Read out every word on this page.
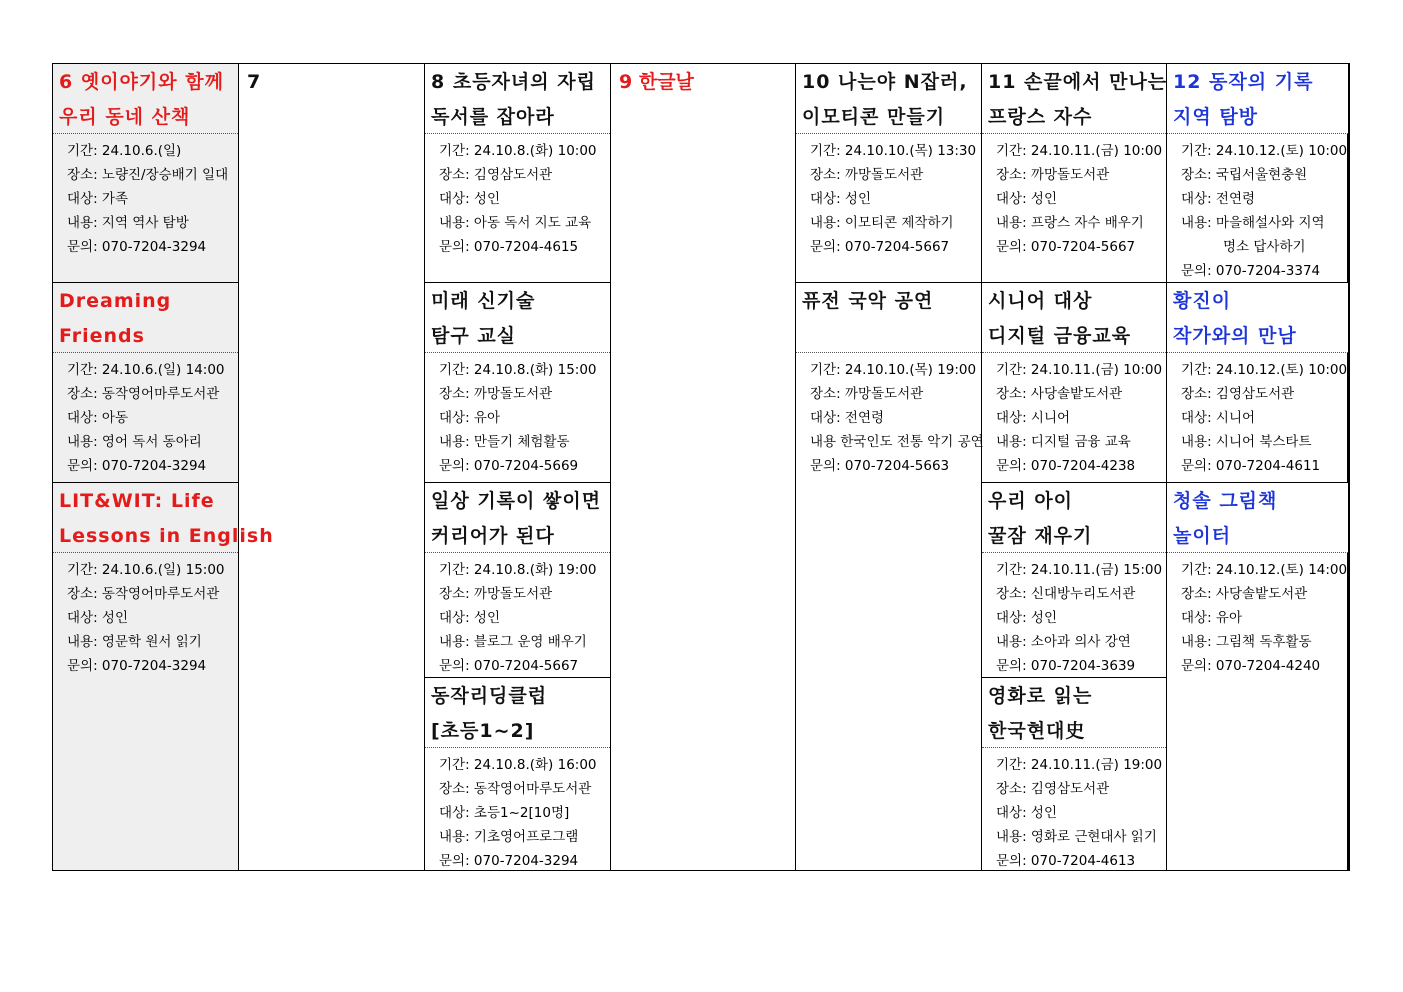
6 옛이야기와 함께
우리 동네 산책
기간: 24.10.6.(일)
장소: 노량진/장승배기 일대
대상: 가족
내용: 지역 역사 탐방
문의: 070-7204-3294
Dreaming
Friends
기간: 24.10.6.(일) 14:00
장소: 동작영어마루도서관
대상: 아동
내용: 영어 독서 동아리
문의: 070-7204-3294
LIT&WIT: Life
Lessons in English
기간: 24.10.6.(일) 15:00
장소: 동작영어마루도서관
대상: 성인
내용: 영문학 원서 읽기
문의: 070-7204-3294
7	8 초등자녀의 자립
독서를 잡아라
기간: 24.10.8.(화) 10:00
장소: 김영삼도서관
대상: 성인
내용: 아동 독서 지도 교육
문의: 070-7204-4615
미래 신기술
탐구 교실
기간: 24.10.8.(화) 15:00
장소: 까망돌도서관
대상: 유아
내용: 만들기 체험활동
문의: 070-7204-5669
일상 기록이 쌓이면
커리어가 된다
기간: 24.10.8.(화) 19:00
장소: 까망돌도서관
대상: 성인
내용: 블로그 운영 배우기
문의: 070-7204-5667
동작리딩클럽
[초등1~2]
기간: 24.10.8.(화) 16:00
장소: 동작영어마루도서관
대상: 초등1~2[10명]
내용: 기초영어프로그램
문의: 070-7204-3294
9 한글날	10 나는야 N잡러,
이모티콘 만들기
기간: 24.10.10.(목) 13:30
장소: 까망돌도서관
대상: 성인
내용: 이모티콘 제작하기
문의: 070-7204-5667
퓨전 국악 공연
기간: 24.10.10.(목) 19:00
장소: 까망돌도서관
대상: 전연령
내용 한국인도 전통 악기 공연
문의: 070-7204-5663
11 손끝에서 만나는
프랑스 자수
기간: 24.10.11.(금) 10:00
장소: 까망돌도서관
대상: 성인
내용: 프랑스 자수 배우기
문의: 070-7204-5667
시니어 대상
디지털 금융교육
기간: 24.10.11.(금) 10:00
장소: 사당솔밭도서관
대상: 시니어
내용: 디지털 금융 교육
문의: 070-7204-4238
우리 아이
꿀잠 재우기
기간: 24.10.11.(금) 15:00
장소: 신대방누리도서관
대상: 성인
내용: 소아과 의사 강연
문의: 070-7204-3639
영화로 읽는
한국현대史
기간: 24.10.11.(금) 19:00
장소: 김영삼도서관
대상: 성인
내용: 영화로 근현대사 읽기
문의: 070-7204-4613
12 동작의 기록
지역 탐방
기간: 24.10.12.(토) 10:00
장소: 국립서울현충원
대상: 전연령
내용: 마을해설사와 지역
명소 답사하기
문의: 070-7204-3374
황진이
작가와의 만남
기간: 24.10.12.(토) 10:00
장소: 김영삼도서관
대상: 시니어
내용: 시니어 북스타트
문의: 070-7204-4611
청솔 그림책
놀이터
기간: 24.10.12.(토) 14:00
장소: 사당솔밭도서관
대상: 유아
내용: 그림책 독후활동
문의: 070-7204-4240
